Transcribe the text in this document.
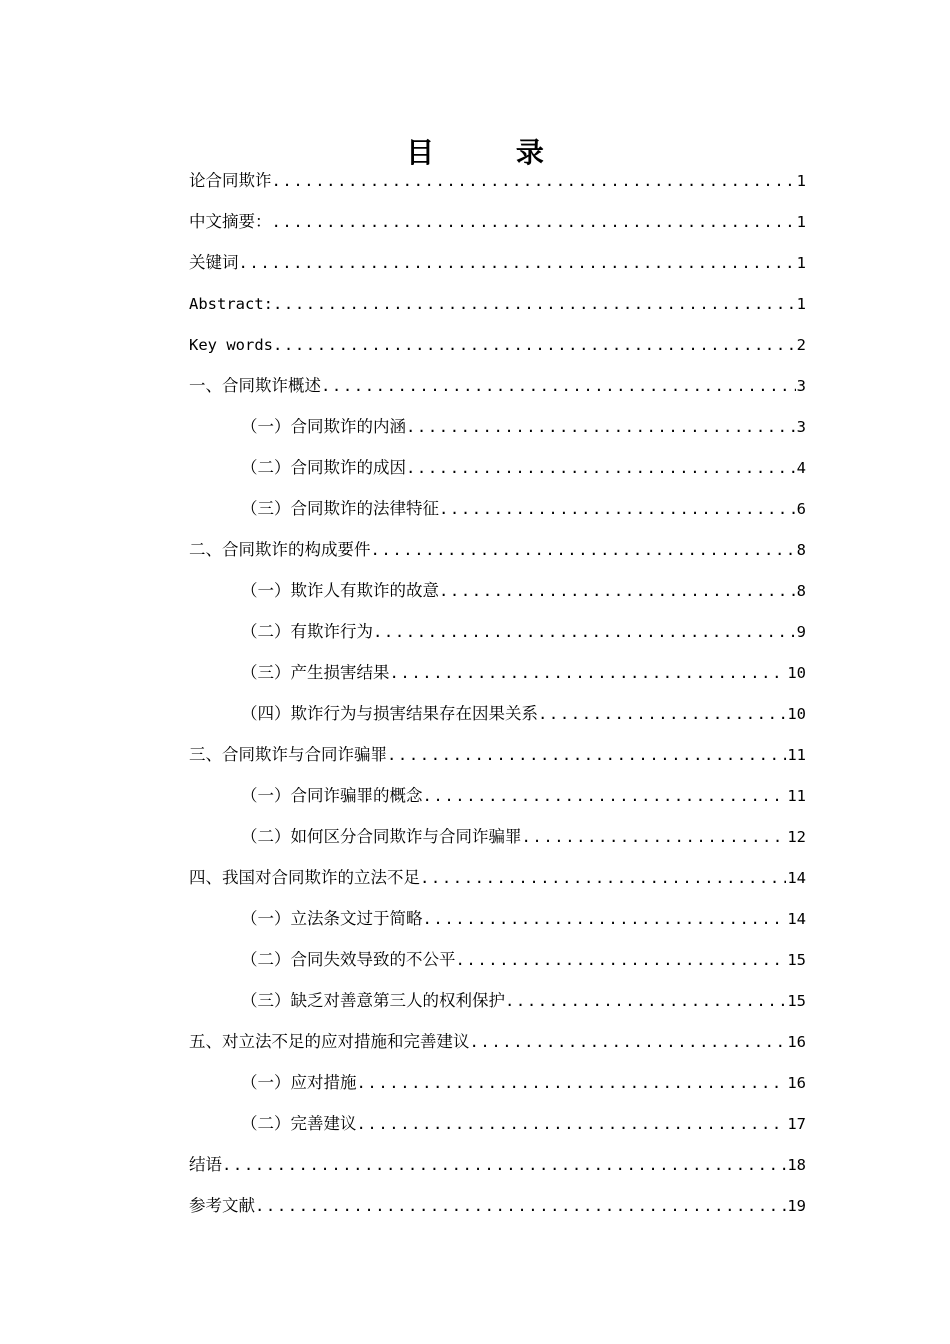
目 录
论合同欺诈 .....	1
中文摘要： .....	1
关键词 .....	1
Abstract: .....	1
Key words .....	2
一、合同欺诈概述 .....	3
（一）合同欺诈的内涵 .....	3
（二）合同欺诈的成因 .....	4
（三）合同欺诈的法律特征 .....	6
二、合同欺诈的构成要件 .....	8
（一）欺诈人有欺诈的故意 .....	8
（二）有欺诈行为 .....	9
（三）产生损害结果 .....	10
（四）欺诈行为与损害结果存在因果关系 .....	10
三、合同欺诈与合同诈骗罪 .....	11
（一）合同诈骗罪的概念 .....	11
（二）如何区分合同欺诈与合同诈骗罪 .....	12
四、我国对合同欺诈的立法不足 .....	14
（一）立法条文过于简略 .....	14
（二）合同失效导致的不公平 .....	15
（三）缺乏对善意第三人的权利保护 .....	15
五、对立法不足的应对措施和完善建议 .....	16
（一）应对措施 .....	16
（二）完善建议 .....	17
结语 .....	18
参考文献 .....	19
